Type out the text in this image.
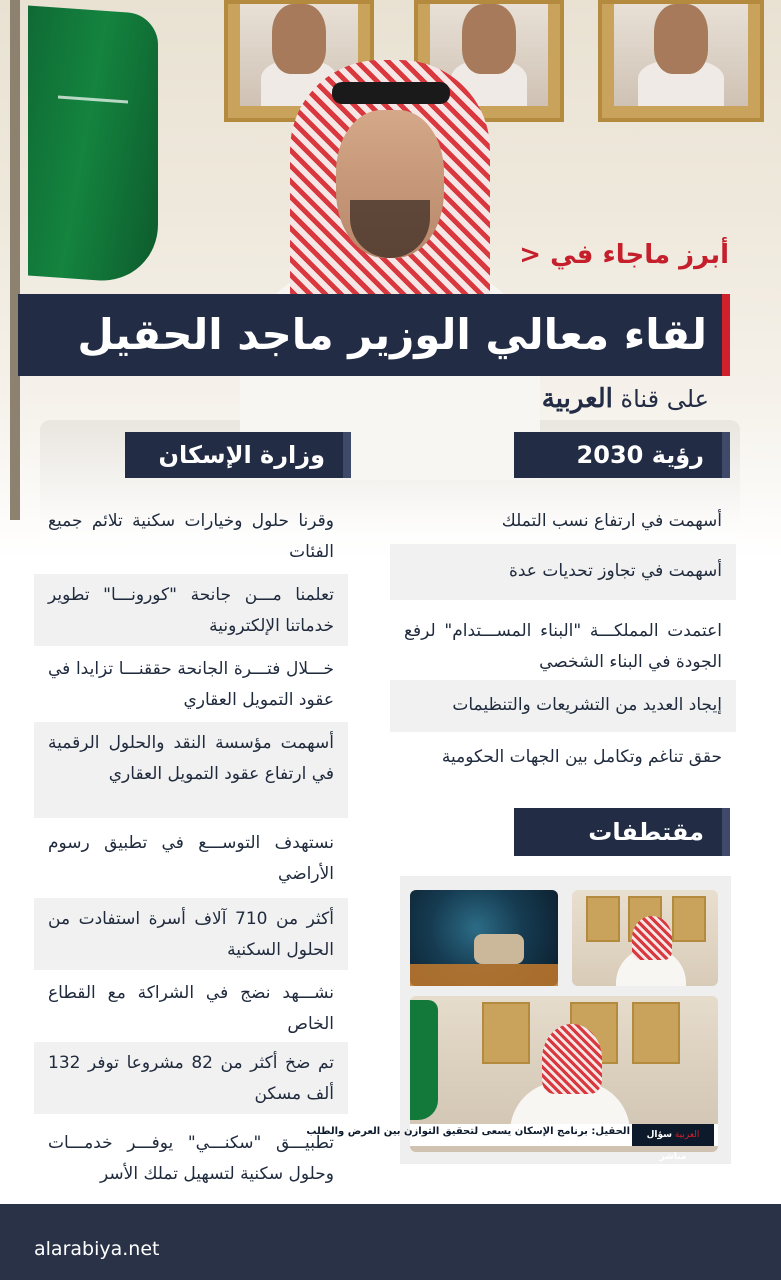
أبرز ماجاء في <
لقاء معالي الوزير ماجد الحقيل
على قناة العربية
وزارة الإسكان	رؤية 2030
وقرنا حلول وخيارات سكنية تلائم جميع الفئات
تعلمنا مـــن جانحة "كورونـــا" تطوير خدماتنا الإلكترونية
خـــلال فتـــرة الجانحة حققنـــا تزايدا في عقود التمويل العقاري
أسهمت مؤسسة النقد والحلول الرقمية في ارتفاع عقود التمويل العقاري
نستهدف التوســـع في تطبيق رسوم الأراضي
أكثر من 710 آلاف أسرة استفادت من الحلول السكنية
نشـــهد نضج في الشراكة مع القطاع الخاص
تم ضخ أكثر من 82 مشروعا توفر 132 ألف مسكن
تطبيـــق "سكنـــي" يوفـــر خدمـــات وحلول سكنية لتسهيل تملك الأسر
أسهمت في ارتفاع نسب التملك
أسهمت في تجاوز تحديات عدة
اعتمدت المملكـــة "البناء المســـتدام" لرفع الجودة في البناء الشخصي
إيجاد العديد من التشريعات والتنظيمات
حقق تناغم وتكامل بين الجهات الحكومية
مقتطفات
الحقيل: برنامج الإسكان يسعى لتحقيق التوازن بين العرض والطلب	العربية سؤال مباشر
alarabiya.net
